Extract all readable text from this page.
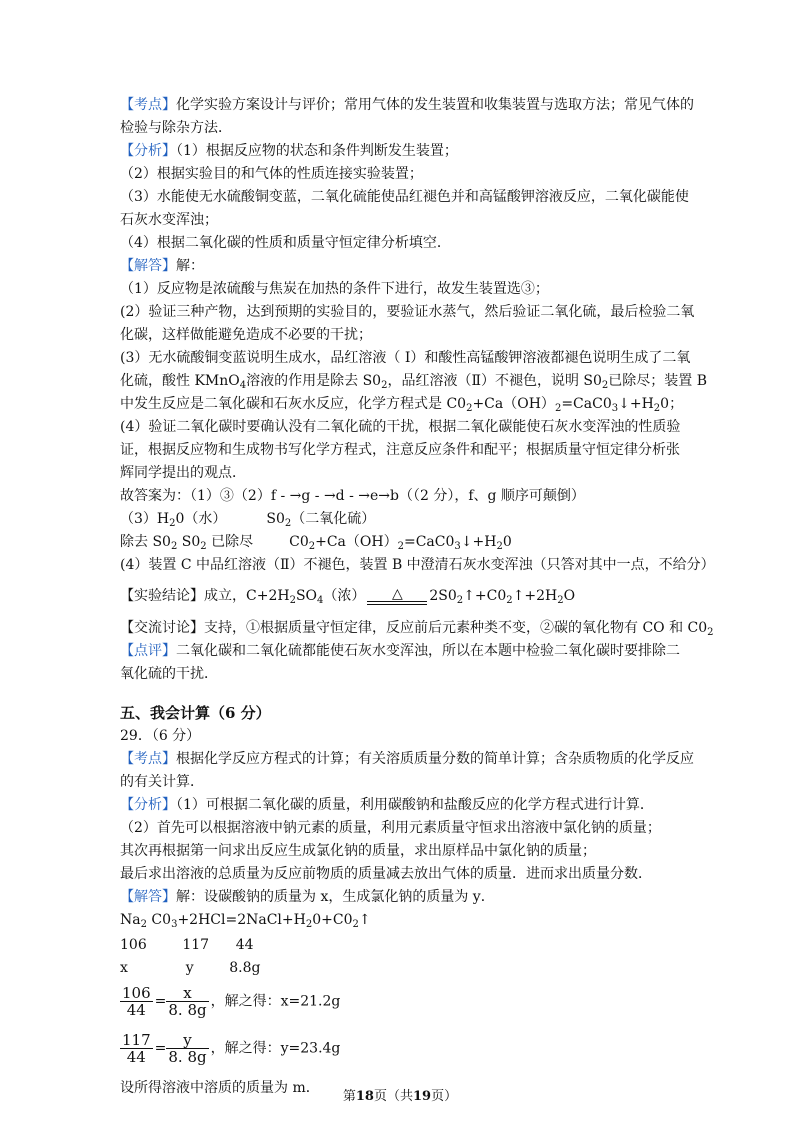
【考点】化学实验方案设计与评价；常用气体的发生装置和收集装置与选取方法；常见气体的
检验与除杂方法．
【分析】（1）根据反应物的状态和条件判断发生装置；
（2）根据实验目的和气体的性质连接实验装置；
（3）水能使无水硫酸铜变蓝，二氧化硫能使品红褪色并和高锰酸钾溶液反应，二氧化碳能使
石灰水变浑浊；
（4）根据二氧化碳的性质和质量守恒定律分析填空．
【解答】解：
（1）反应物是浓硫酸与焦炭在加热的条件下进行，故发生装置选③；
(2）验证三种产物，达到预期的实验目的，要验证水蒸气，然后验证二氧化硫，最后检验二氧
化碳，这样做能避免造成不必要的干扰；
(3）无水硫酸铜变蓝说明生成水，品红溶液（ I）和酸性高锰酸钾溶液都褪色说明生成了二氧
化硫，酸性 KMnO$_4$溶液的作用是除去 $S0_2$，品红溶液（Ⅱ）不褪色，说明 $S0_2$已除尽；装置 B
中发生反应是二氧化碳和石灰水反应，化学方程式是 $C0_2+Ca(OH)_2=CaC0_3↓+H_20$；
(4）验证二氧化碳时要确认没有二氧化硫的干扰，根据二氧化碳能使石灰水变浑浊的性质验
证，根据反应物和生成物书写化学方程式，注意反应条件和配平；根据质量守恒定律分析张
辉同学提出的观点．
故答案为：（1）③（2）f - →g - →d - →e→b（（2 分），f、g 顺序可颠倒）
$(3)H_20$（水）	$S0_2$（二氧化硫）
除去 $S0_2$ $S0_2$ 已除尽	$C0_2+Ca(OH)_2=CaC0_3↓+H_20$
(4）装置 C 中品红溶液（Ⅱ）不褪色，装置 B 中澄清石灰水变浑浊（只答对其中一点，不给分）
【实验结论】成立，$C+2H_2SO_4$（浓）	△	$2S0_2↑+C0_2↑+2H_2O$
【交流讨论】支持，①根据质量守恒定律，反应前后元素种类不变，②碳的氧化物有 CO 和 $C0_2$
【点评】二氧化碳和二氧化硫都能使石灰水变浑浊，所以在本题中检验二氧化碳时要排除二
氧化硫的干扰．
五、我会计算（6 分）
29．（6 分）
【考点】根据化学反应方程式的计算；有关溶质质量分数的简单计算；含杂质物质的化学反应
的有关计算．
【分析】（1）可根据二氧化碳的质量，利用碳酸钠和盐酸反应的化学方程式进行计算．
（2）首先可以根据溶液中钠元素的质量，利用元素质量守恒求出溶液中氯化钠的质量；
其次再根据第一问求出反应生成氯化钠的质量，求出原样品中氯化钠的质量；
最后求出溶液的总质量为反应前物质的质量减去放出气体的质量．进而求出质量分数．
【解答】解：设碳酸钠的质量为 x，生成氯化钠的质量为 y．
$Na_2$ $C0_3+2HCl=2NaCl+H_20+C0_2↑$
106        117      44
x             y        8.8g
$\frac{106}{44} = \frac{x}{8. 8g}$ ，解之得：x=21.2g
$\frac{117}{44} = \frac{y}{8. 8g}$ ，解之得：y=23.4g
设所得溶液中溶质的质量为 m．
第18页（共19页）
